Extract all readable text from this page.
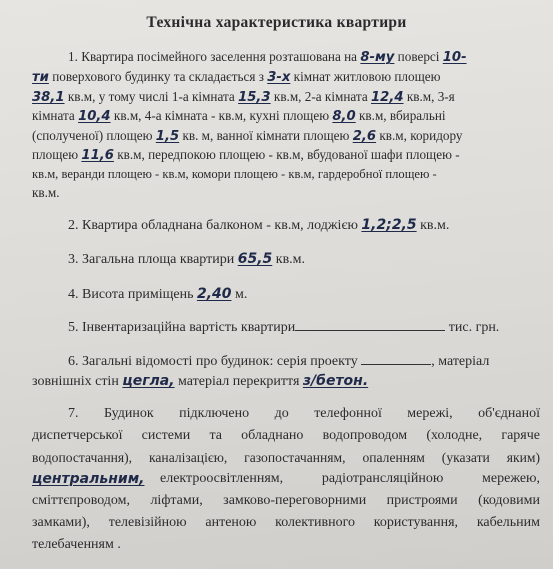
Технічна характеристика квартири
1. Квартира посімейного заселення розташована на 8-му поверсі 10-
ти поверхового будинку та складається з 3-х кімнат житловою площею
38,1 кв.м, у тому числі 1-а кімната 15,3 кв.м, 2-а кімната 12,4 кв.м, 3-я
кімната 10,4 кв.м, 4-а кімната - кв.м, кухні площею 8,0 кв.м, вбиральні
(сполученої) площею 1,5 кв. м, ванної кімнати площею 2,6 кв.м, коридору
площею 11,6 кв.м, передпокою площею - кв.м, вбудованої шафи площею -
кв.м, веранди площею - кв.м, комори площею - кв.м, гардеробної площею -
кв.м.
2. Квартира обладнана балконом - кв.м, лоджією 1,2;2,5 кв.м.
3. Загальна площа квартири 65,5 кв.м.
4. Висота приміщень 2,40 м.
5. Інвентаризаційна вартість квартири	тис. грн.
6. Загальні відомості про будинок: серія проекту	, матеріал
зовнішніх стін цегла, матеріал перекриття з/бетон.
7. Будинок підключено до телефонної мережі, об'єднаної
диспетчерської системи та обладнано водопроводом (холодне, гаряче
водопостачання), каналізацією, газопостачанням, опаленням (указати яким)
центральним, електроосвітленням, радіотрансляційною мережею,
сміттєпроводом, ліфтами, замково-переговорними пристроями (кодовими
замками), телевізійною антеною колективного користування, кабельним
телебаченням .
